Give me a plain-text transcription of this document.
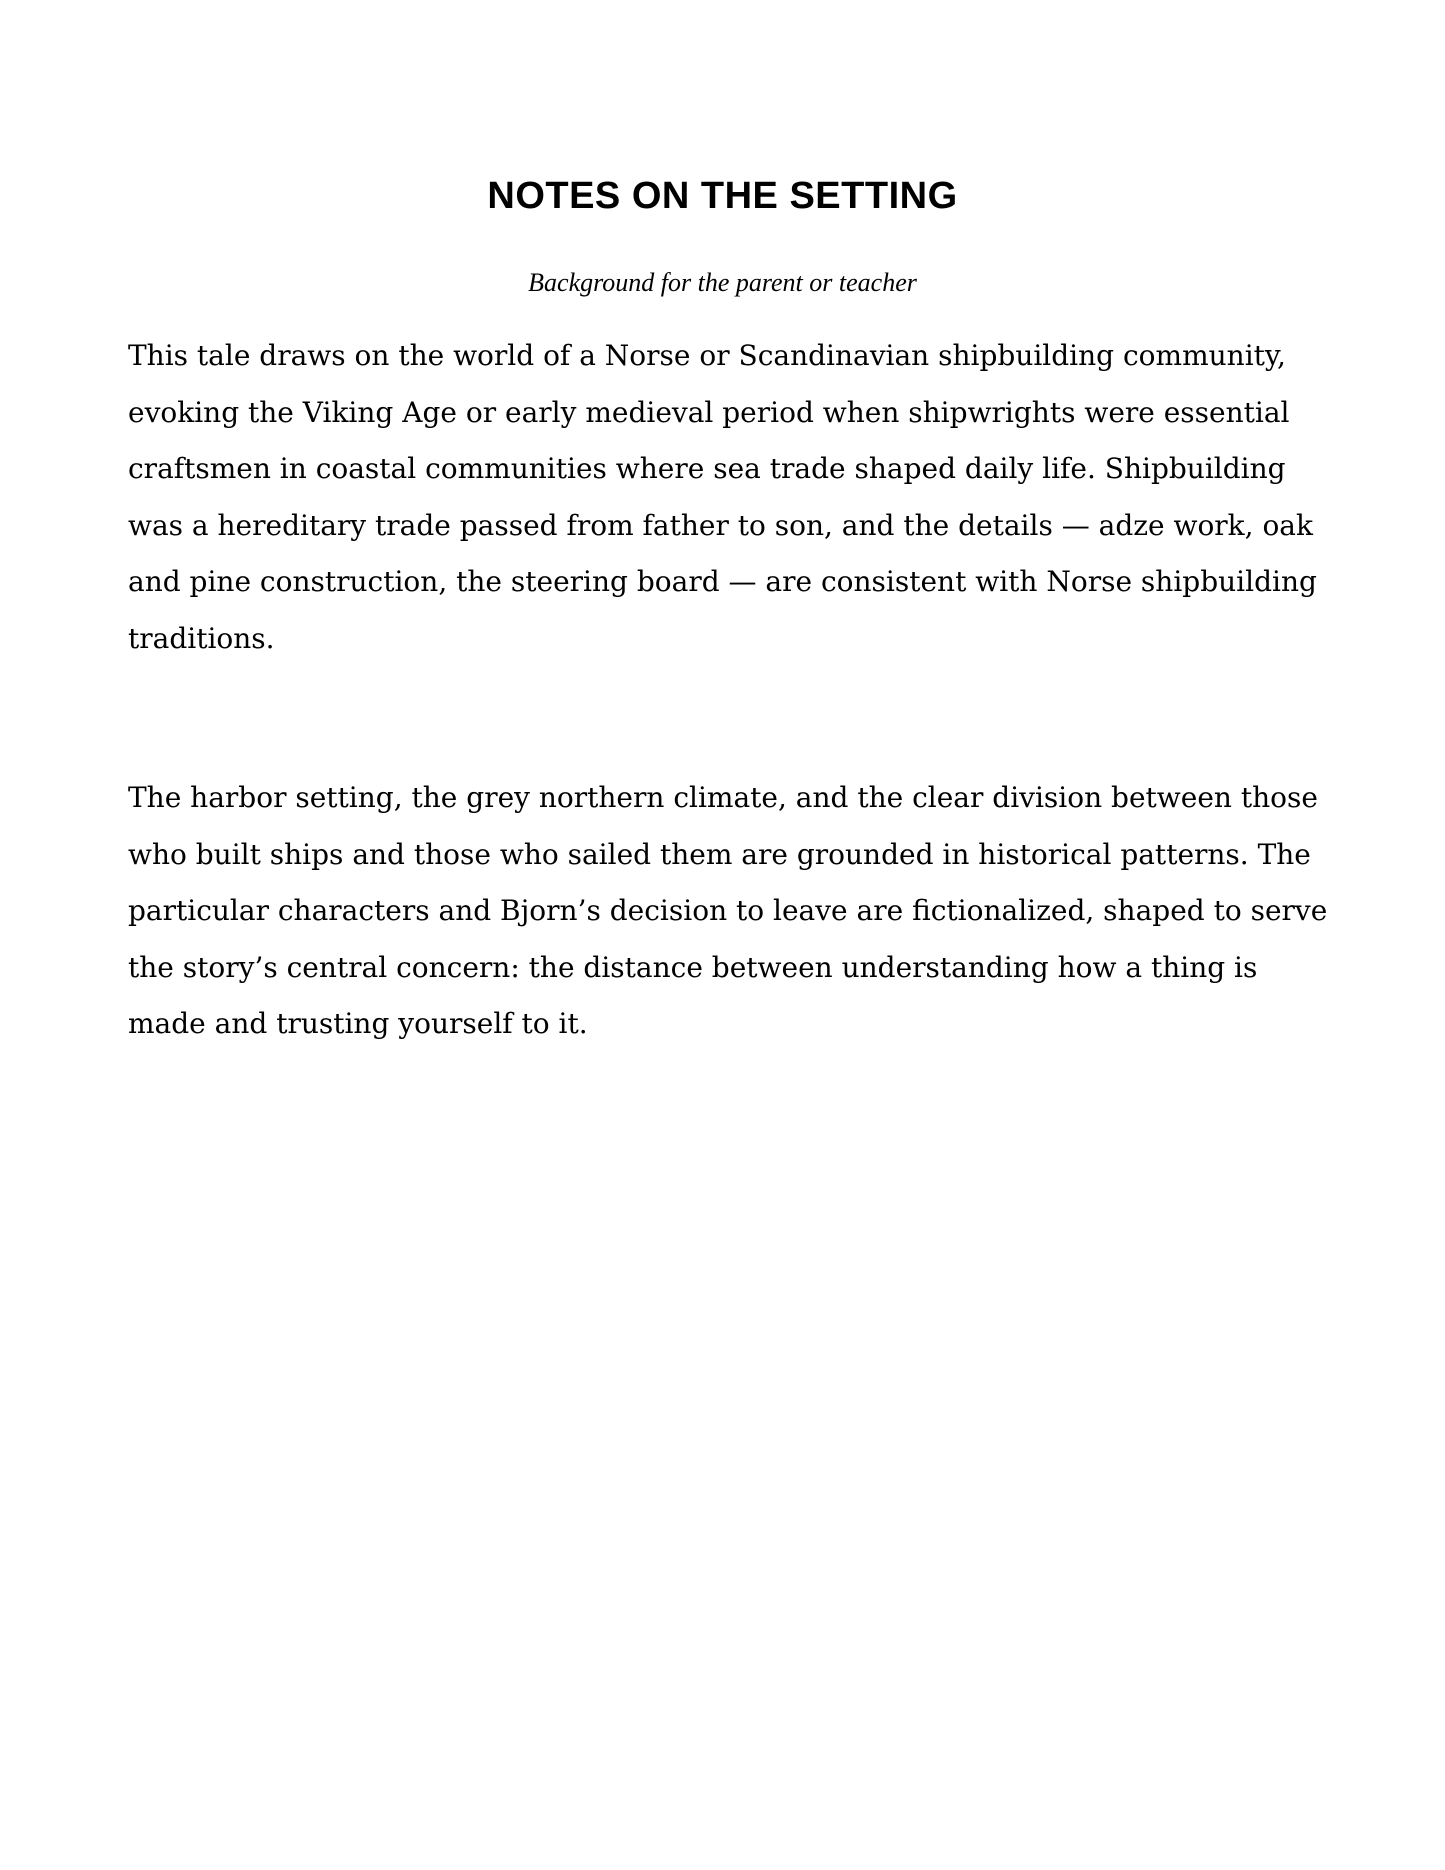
NOTES ON THE SETTING

Background for the parent or teacher

This tale draws on the world of a Norse or Scandinavian shipbuilding community, evoking the Viking Age or early medieval period when shipwrights were essential craftsmen in coastal communities where sea trade shaped daily life. Shipbuilding was a hereditary trade passed from father to son, and the details — adze work, oak and pine construction, the steering board — are consistent with Norse shipbuilding traditions.

The harbor setting, the grey northern climate, and the clear division between those who built ships and those who sailed them are grounded in historical patterns. The particular characters and Bjorn’s decision to leave are fictionalized, shaped to serve the story’s central concern: the distance between understanding how a thing is made and trusting yourself to it.
